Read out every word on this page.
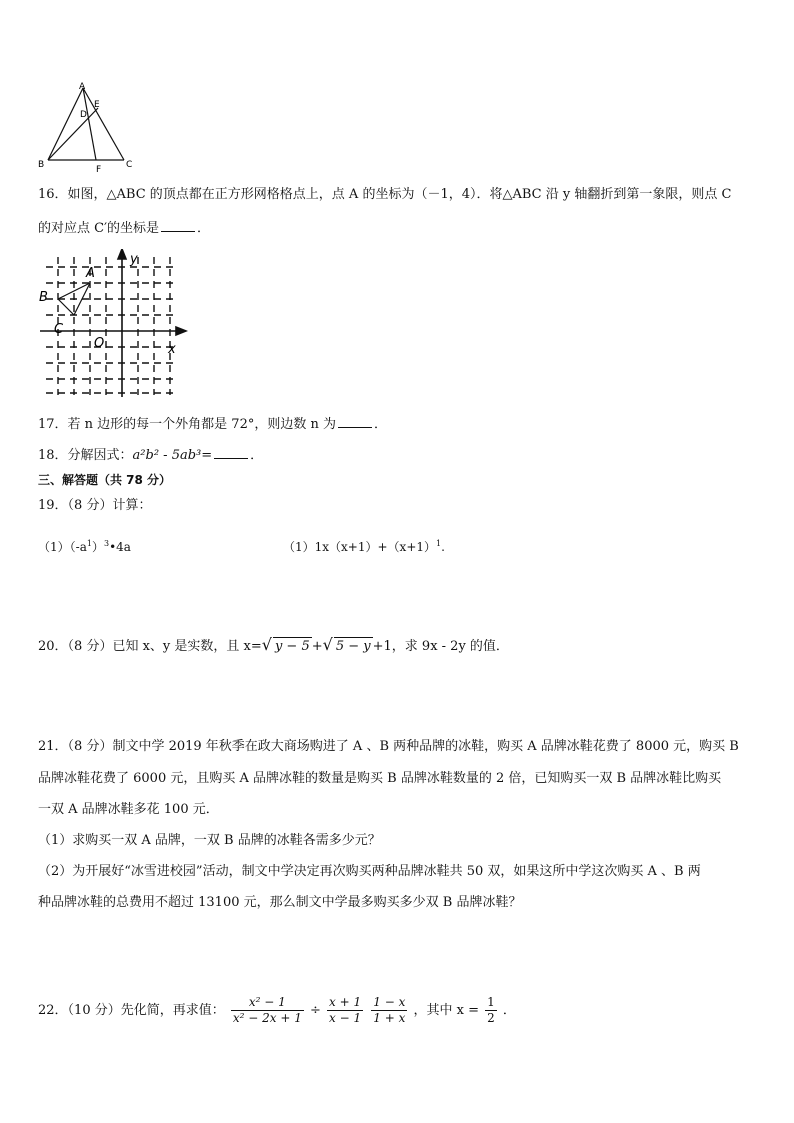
A
D
E
B	F	C
16．如图，△ABC 的顶点都在正方形网格格点上，点 A 的坐标为（－1，4）．将△ABC 沿 y 轴翻折到第一象限，则点 C
的对应点 C′的坐标是	．
A
B
C
O	x
y
17．若 n 边形的每一个外角都是 72°，则边数 n 为	．
18．分解因式：a²b² - 5ab³=	．
三、解答题（共 78 分）
19．（8 分）计算：
$(1)(-a^1)^3•4a$	$(1)1x(x+1)+(x+1)^1$.
20．（8 分）已知 x、y 是实数，且 x=√ y − 5 +√ 5 − y +1，求 9x - 2y 的值．
21．（8 分）制文中学 2019 年秋季在政大商场购进了 A 、B 两种品牌的冰鞋，购买 A 品牌冰鞋花费了 8000 元，购买 B
品牌冰鞋花费了 6000 元，且购买 A 品牌冰鞋的数量是购买 B 品牌冰鞋数量的 2 倍，已知购买一双 B 品牌冰鞋比购买
一双 A 品牌冰鞋多花 100 元．
（1）求购买一双 A 品牌，一双 B 品牌的冰鞋各需多少元？
（2）为开展好“冰雪进校园”活动，制文中学决定再次购买两种品牌冰鞋共 50 双，如果这所中学这次购买 A 、B 两
种品牌冰鞋的总费用不超过 13100 元，那么制文中学最多购买多少双 B 品牌冰鞋？
22．（10 分）先化简，再求值： $\frac{\text{x² − 1}}{\text{x² − 2x + 1}} \div \frac{x + 1}{x - 1}$
$\frac{1 - x}{1 + x}$ ，其中 $x = \frac{1}{2}$ ．
